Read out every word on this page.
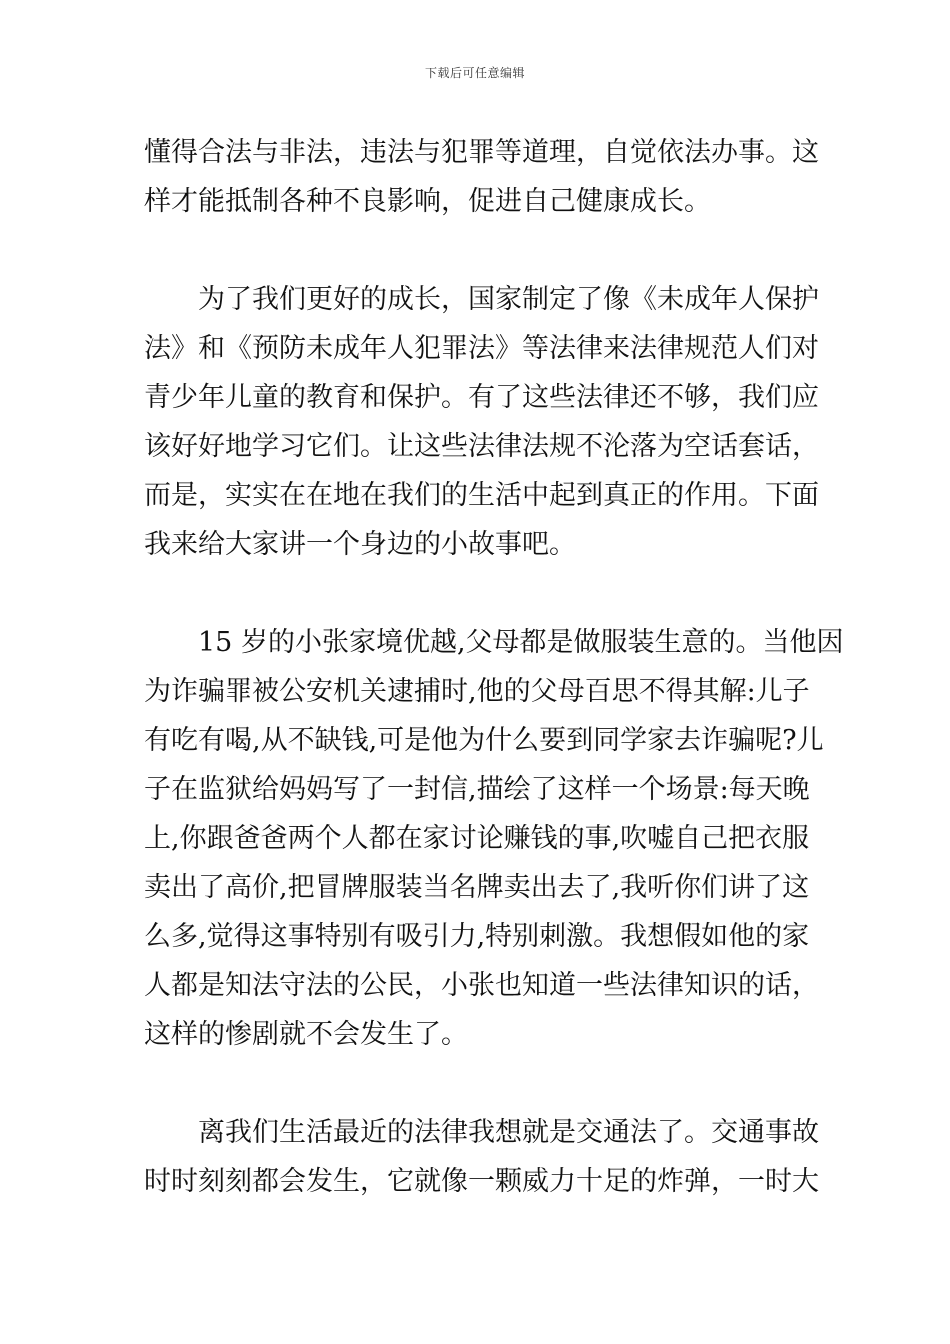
下载后可任意编辑
懂得合法与非法，违法与犯罪等道理，自觉依法办事。这
样才能抵制各种不良影响，促进自己健康成长。
　　为了我们更好的成长，国家制定了像《未成年人保护
法》和《预防未成年人犯罪法》等法律来法律规范人们对
青少年儿童的教育和保护。有了这些法律还不够，我们应
该好好地学习它们。让这些法律法规不沦落为空话套话，
而是，实实在在地在我们的生活中起到真正的作用。下面
我来给大家讲一个身边的小故事吧。
　　15 岁的小张家境优越,父母都是做服装生意的。当他因
为诈骗罪被公安机关逮捕时,他的父母百思不得其解:儿子
有吃有喝,从不缺钱,可是他为什么要到同学家去诈骗呢?儿
子在监狱给妈妈写了一封信,描绘了这样一个场景:每天晚
上,你跟爸爸两个人都在家讨论赚钱的事,吹嘘自己把衣服
卖出了高价,把冒牌服装当名牌卖出去了,我听你们讲了这
么多,觉得这事特别有吸引力,特别刺激。我想假如他的家
人都是知法守法的公民，小张也知道一些法律知识的话，
这样的惨剧就不会发生了。
　　离我们生活最近的法律我想就是交通法了。交通事故
时时刻刻都会发生，它就像一颗威力十足的炸弹，一时大
